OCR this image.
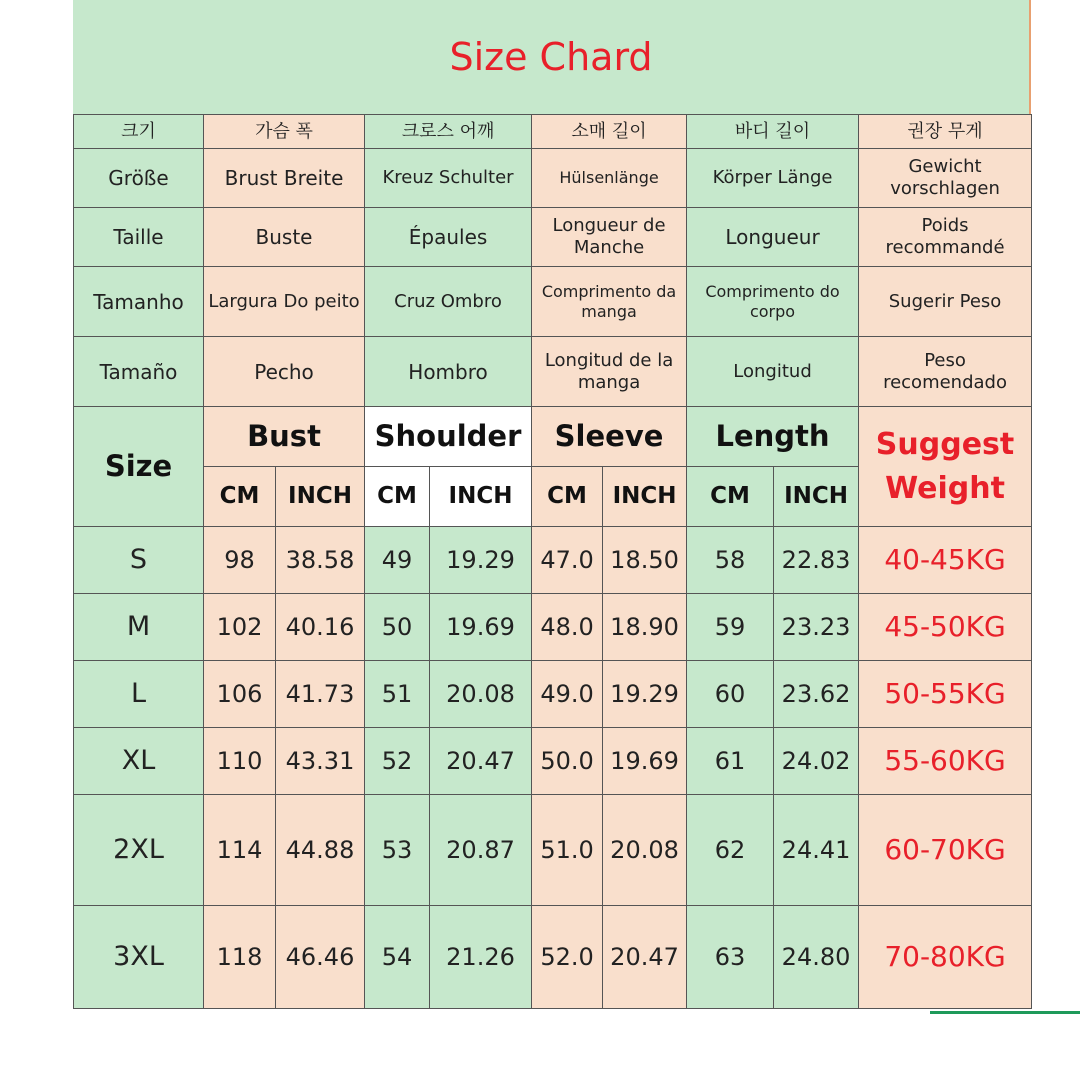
Size Chard
크기	가슴 폭		크로스 어깨		소매 길이		바디 길이		권장 무게
Größe	Brust Breite		Kreuz Schulter		Hülsenlänge		Körper Länge		Gewicht vorschlagen
Taille	Buste		Épaules		Longueur de Manche		Longueur		Poids recommandé
Tamanho	Largura Do peito		Cruz Ombro		Comprimento da manga		Comprimento do corpo		Sugerir Peso
Tamaño	Pecho		Hombro		Longitud de la manga		Longitud		Peso recomendado
Size	Bust		Shoulder		Sleeve		Length		Suggest Weight
	CM	INCH	CM	INCH	CM	INCH	CM	INCH	
S	98	38.58	49	19.29	47.0	18.50	58	22.83	40-45KG
M	102	40.16	50	19.69	48.0	18.90	59	23.23	45-50KG
L	106	41.73	51	20.08	49.0	19.29	60	23.62	50-55KG
XL	110	43.31	52	20.47	50.0	19.69	61	24.02	55-60KG
2XL	114	44.88	53	20.87	51.0	20.08	62	24.41	60-70KG
3XL	118	46.46	54	21.26	52.0	20.47	63	24.80	70-80KG
